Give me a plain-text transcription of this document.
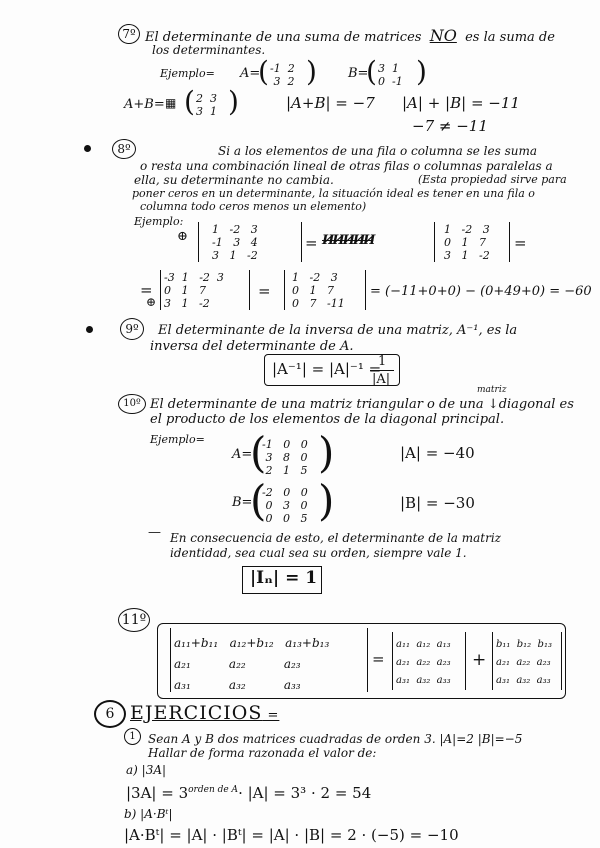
7º El determinante de una suma de matrices NO es la suma de
los determinantes.
Ejemplo= A=
( -1  2
3  2 ) B=
( 3  1
0  -1 )
A+B= ▦ ( 2  3
3  1 )	|A+B| = −7 |A| + |B| = −11
−7 ≠ −11
8º	Si a los elementos de una fila o columna se les suma
o resta una combinación lineal de otras filas o columnas paralelas a
ella, su determinante no cambia.	(Esta propiedad sirve para
poner ceros en un determinante, la situación ideal es tener en una fila o
columna todo ceros menos un elemento)
Ejemplo:
⊕ 1   -2   3
-1   3   4
3   1   -2
= ИИИИИ
1   -2   3
0   1   7
3   1   -2
=
=
⊕
-3  1   -2  3
0   1   7
3   1   -2
=
1   -2   3
0   1   7
0   7   -11
= (−11+0+0) − (0+49+0) = −60
9º	El determinante de la inversa de una matriz, A⁻¹, es la
inversa del determinante de A.
|A⁻¹| = |A|⁻¹ =
1
|A|
10º El determinante de una matriz triangular o de una ↓diagonal es
matriz
el producto de los elementos de la diagonal principal.
Ejemplo=
A=
(
-1   0   0
3   8   0
2   1   5 )	|A| = −40
B=
(
-2   0   0
0   3   0
0   0   5 )	|B| = −30
— En consecuencia de esto, el determinante de la matriz
identidad, sea cual sea su orden, siempre vale 1.
|Iₙ| = 1
11º
a₁₁+b₁₁   a₁₂+b₁₂   a₁₃+b₁₃
a₂₁          a₂₂          a₂₃
a₃₁          a₃₂          a₃₃
=
a₁₁  a₁₂  a₁₃
a₂₁  a₂₂  a₂₃
a₃₁  a₃₂  a₃₃
+
b₁₁  b₁₂  b₁₃
a₂₁  a₂₂  a₂₃
a₃₁  a₃₂  a₃₃
6 EJERCICIOS =
1	Sean A y B dos matrices cuadradas de orden 3. |A|=2 |B|=−5
Hallar de forma razonada el valor de:
a) |3A|
$|3A| = 3^{orden de A}\cdot |A| = 3^3 \cdot 2 = 54$
b) |A·Bᵗ|
|A·Bᵗ| = |A| · |Bᵗ| = |A| · |B| = 2 · (−5) = −10
